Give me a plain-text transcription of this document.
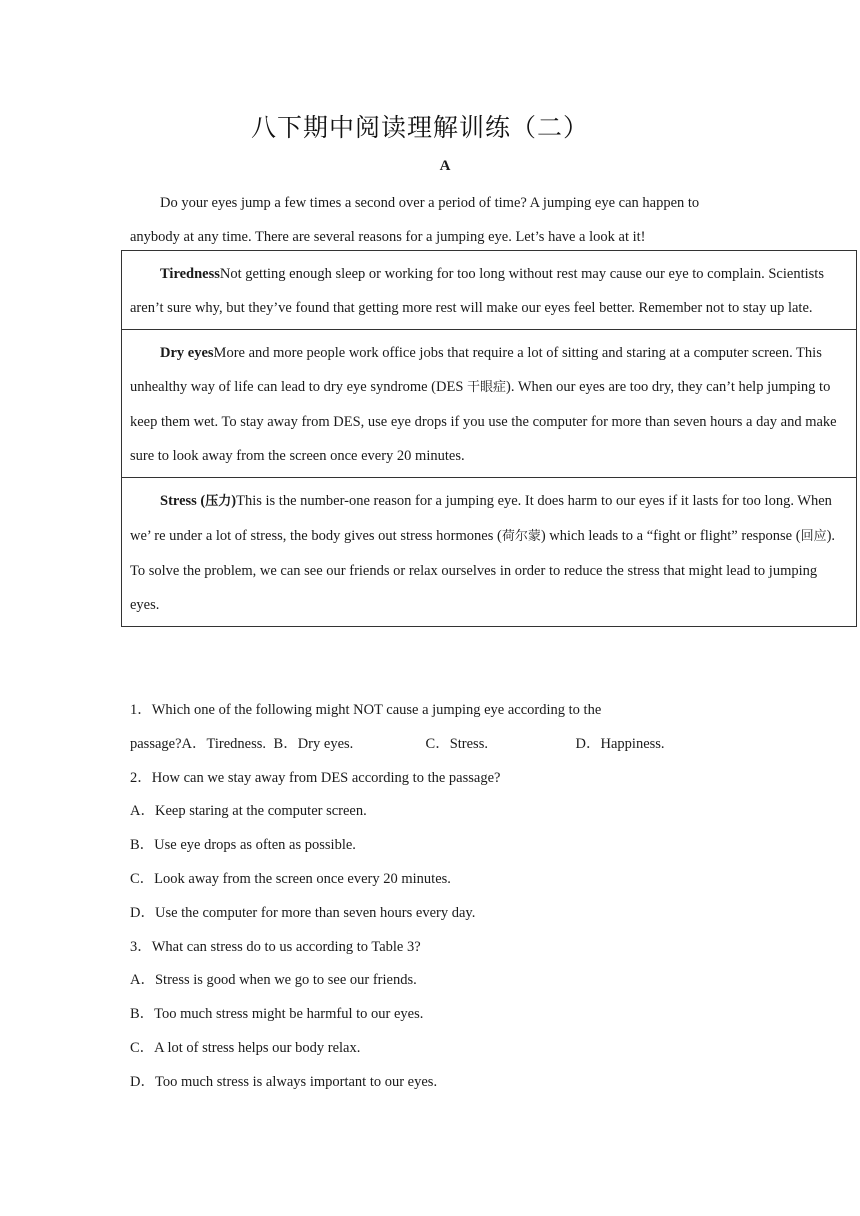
八下期中阅读理解训练（二）
A
Do your eyes jump a few times a second over a period of time? A jumping eye can happen to
anybody at any time. There are several reasons for a jumping eye. Let’s have a look at it!
TirednessNot getting enough sleep or working for too long without rest may cause our eye to complain. Scientists aren’t sure why, but they’ve found that getting more rest will make our eyes feel better. Remember not to stay up late.
Dry eyesMore and more people work office jobs that require a lot of sitting and staring at a computer screen. This unhealthy way of life can lead to dry eye syndrome (DES 干眼症). When our eyes are too dry, they can’t help jumping to keep them wet. To stay away from DES, use eye drops if you use the computer for more than seven hours a day and make sure to look away from the screen once every 20 minutes.
Stress (压力)This is the number-one reason for a jumping eye. It does harm to our eyes if it lasts for too long. When we’ re under a lot of stress, the body gives out stress hormones (荷尔蒙) which leads to a “fight or flight” response (回应). To solve the problem, we can see our friends or relax ourselves in order to reduce the stress that might lead to jumping eyes.
1．Which one of the following might NOT cause a jumping eye according to the
passage?A．Tiredness. B．Dry eyes.	C．Stress.	D．Happiness.
2．How can we stay away from DES according to the passage?
A．Keep staring at the computer screen.
B．Use eye drops as often as possible.
C．Look away from the screen once every 20 minutes.
D．Use the computer for more than seven hours every day.
3．What can stress do to us according to Table 3?
A．Stress is good when we go to see our friends.
B．Too much stress might be harmful to our eyes.
C．A lot of stress helps our body relax.
D．Too much stress is always important to our eyes.
